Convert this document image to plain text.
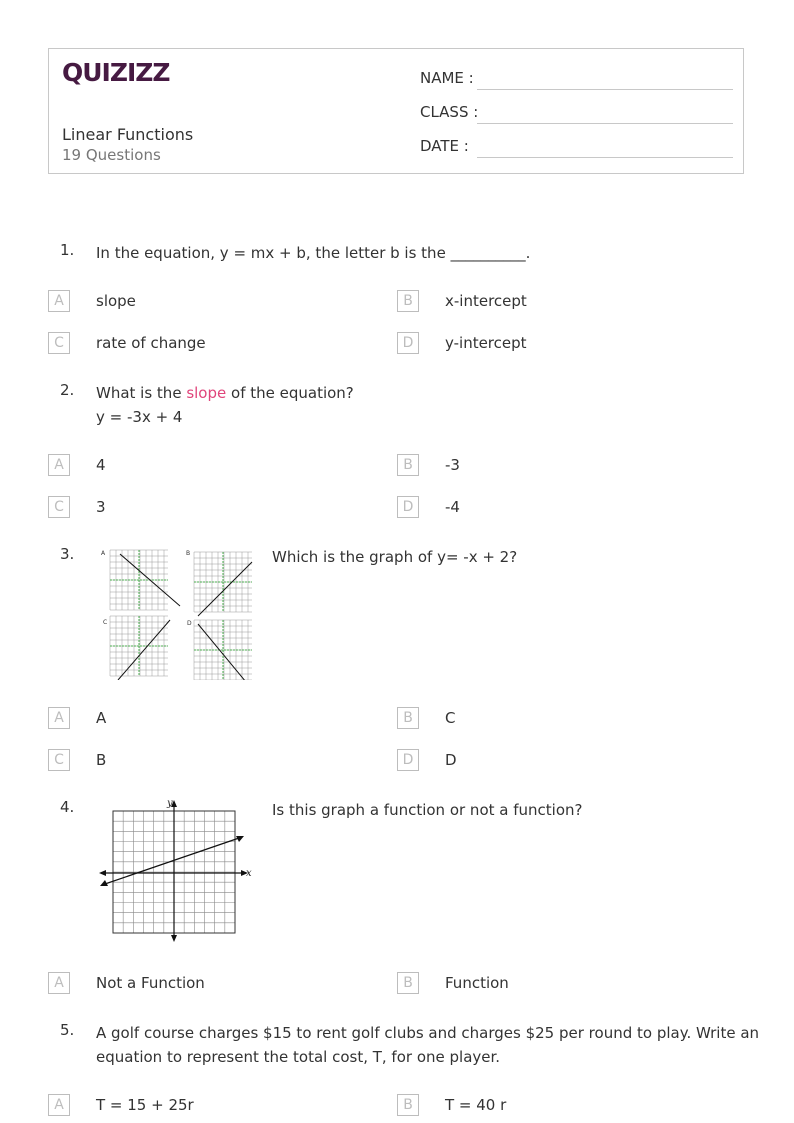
QUIZIZZ
Linear Functions
19 Questions
NAME :
CLASS :
DATE :
1. In the equation, y = mx + b, the letter b is the __________.
A	slope	B	x-intercept
C	rate of change	D	y-intercept
2. What is the slope of the equation?
y = -3x + 4
A	4	B	-3
C	3	D	-4
3.	A	B
C	D
Which is the graph of y= -x + 2?
A	A	B	C
C	B	D	D
4.	y
x
Is this graph a function or not a function?
A	Not a Function	B	Function
5. A golf course charges $15 to rent golf clubs and charges $25 per round to play. Write an
equation to represent the total cost, T, for one player.
A	T = 15 + 25r	B	T = 40 r
